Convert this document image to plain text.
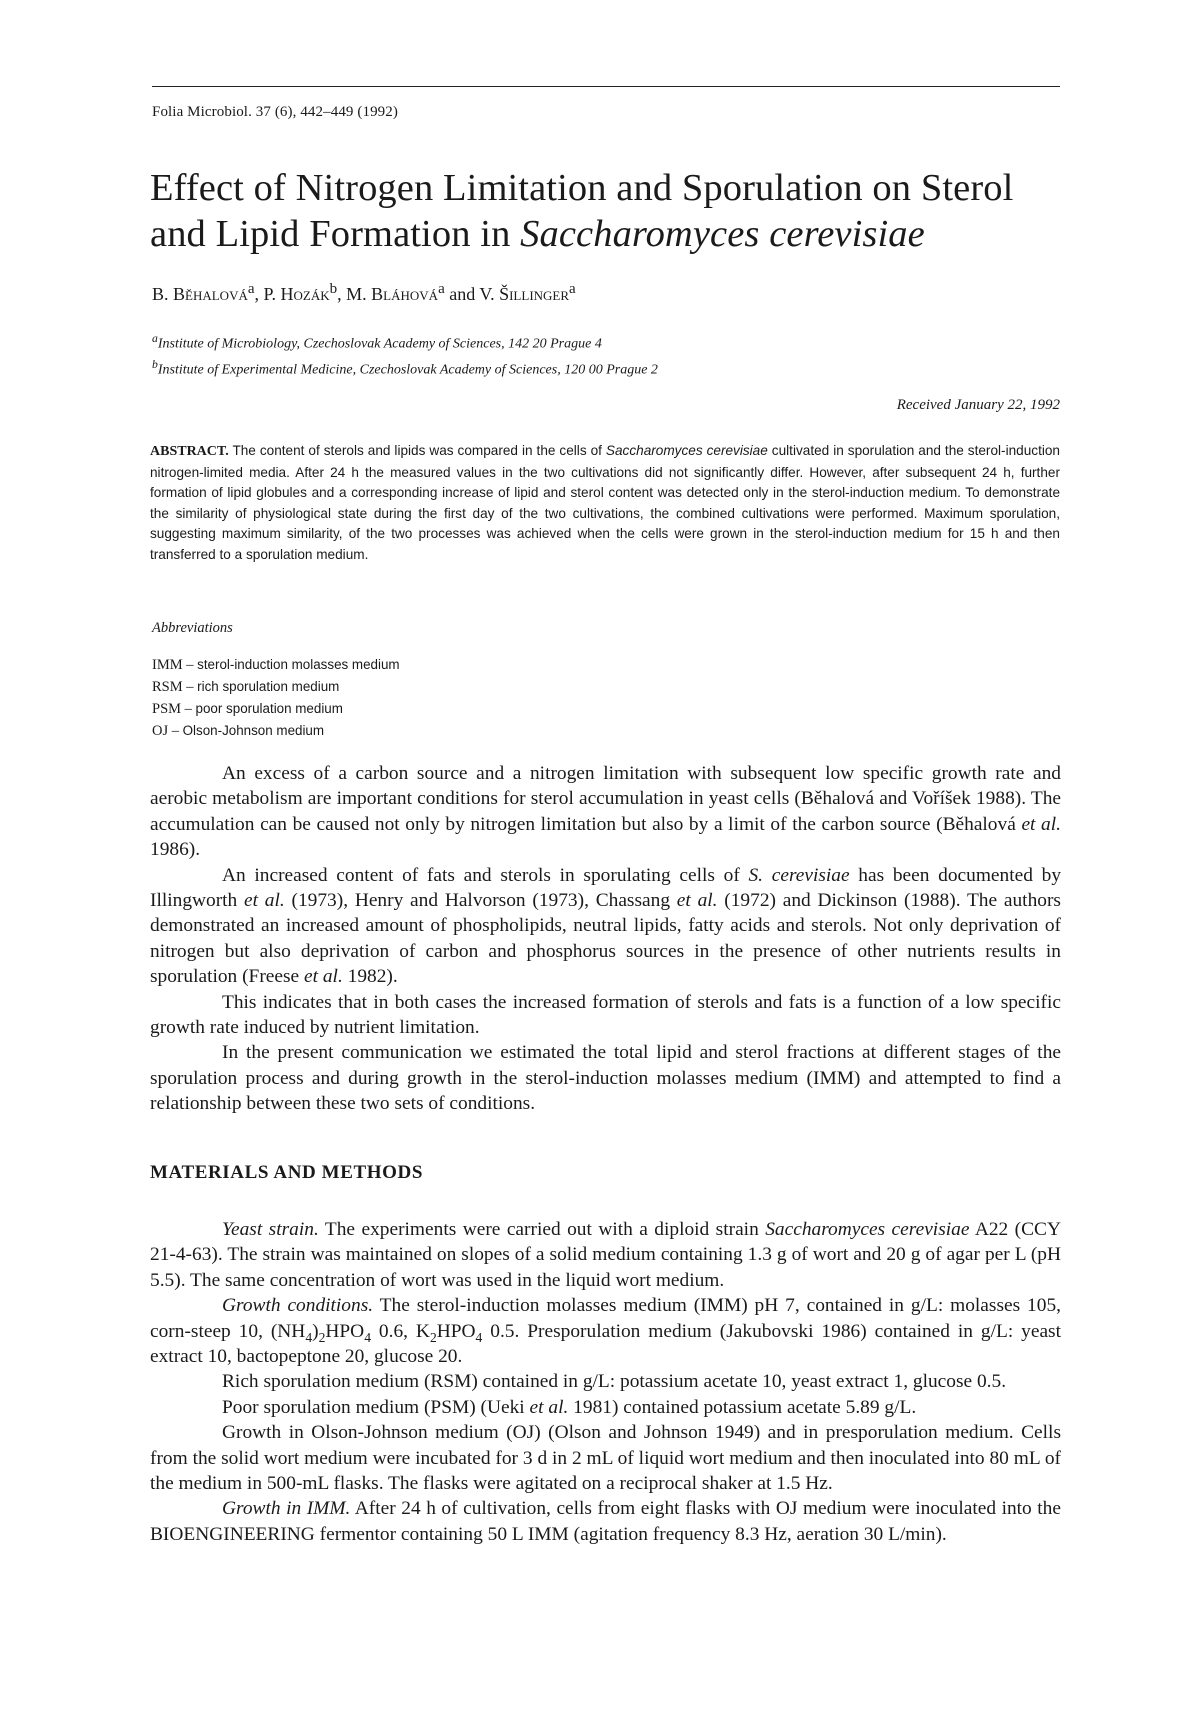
Folia Microbiol. 37 (6), 442–449 (1992)
Effect of Nitrogen Limitation and Sporulation on Sterol
and Lipid Formation in Saccharomyces cerevisiae
B. Běhalová$^a$, P. Hozák$^b$, M. Bláhová$^a$ and V. Šillinger$^a$
$^a$Institute of Microbiology, Czechoslovak Academy of Sciences, 142 20 Prague 4
$^b$Institute of Experimental Medicine, Czechoslovak Academy of Sciences, 120 00 Prague 2
Received January 22, 1992

ABSTRACT. The content of sterols and lipids was compared in the cells of Saccharomyces cerevisiae cultivated in sporulation and the sterol-induction nitrogen-limited media. After 24 h the measured values in the two cultivations did not significantly differ. However, after subsequent 24 h, further formation of lipid globules and a corresponding increase of lipid and sterol content was detected only in the sterol-induction medium. To demonstrate the similarity of physiological state during the first day of the two cultivations, the combined cultivations were performed. Maximum sporulation, suggesting maximum similarity, of the two processes was achieved when the cells were grown in the sterol-induction medium for 15 h and then transferred to a sporulation medium.

Abbreviations
IMM – sterol-induction molasses medium
RSM – rich sporulation medium
PSM – poor sporulation medium
OJ – Olson-Johnson medium

An excess of a carbon source and a nitrogen limitation with subsequent low specific growth rate and aerobic metabolism are important conditions for sterol accumulation in yeast cells (Běhalová and Voříšek 1988). The accumulation can be caused not only by nitrogen limitation but also by a limit of the carbon source (Běhalová et al. 1986).

An increased content of fats and sterols in sporulating cells of S. cerevisiae has been documented by Illingworth et al. (1973), Henry and Halvorson (1973), Chassang et al. (1972) and Dickinson (1988). The authors demonstrated an increased amount of phospholipids, neutral lipids, fatty acids and sterols. Not only deprivation of nitrogen but also deprivation of carbon and phosphorus sources in the presence of other nutrients results in sporulation (Freese et al. 1982).

This indicates that in both cases the increased formation of sterols and fats is a function of a low specific growth rate induced by nutrient limitation.

In the present communication we estimated the total lipid and sterol fractions at different stages of the sporulation process and during growth in the sterol-induction molasses medium (IMM) and attempted to find a relationship between these two sets of conditions.

MATERIALS AND METHODS

Yeast strain. The experiments were carried out with a diploid strain Saccharomyces cerevisiae A22 (CCY 21-4-63). The strain was maintained on slopes of a solid medium containing 1.3 g of wort and 20 g of agar per L (pH 5.5). The same concentration of wort was used in the liquid wort medium.

Growth conditions. The sterol-induction molasses medium (IMM) pH 7, contained in g/L: molasses 105, corn-steep 10, $(NH_4)_2HPO_4$ 0.6, $K_2HPO_4$ 0.5. Presporulation medium (Jakubovski 1986) contained in g/L: yeast extract 10, bactopeptone 20, glucose 20.

Rich sporulation medium (RSM) contained in g/L: potassium acetate 10, yeast extract 1, glucose 0.5.

Poor sporulation medium (PSM) (Ueki et al. 1981) contained potassium acetate 5.89 g/L.

Growth in Olson-Johnson medium (OJ) (Olson and Johnson 1949) and in presporulation medium. Cells from the solid wort medium were incubated for 3 d in 2 mL of liquid wort medium and then inoculated into 80 mL of the medium in 500-mL flasks. The flasks were agitated on a reciprocal shaker at 1.5 Hz.

Growth in IMM. After 24 h of cultivation, cells from eight flasks with OJ medium were inoculated into the BIOENGINEERING fermentor containing 50 L IMM (agitation frequency 8.3 Hz, aeration 30 L/min).
